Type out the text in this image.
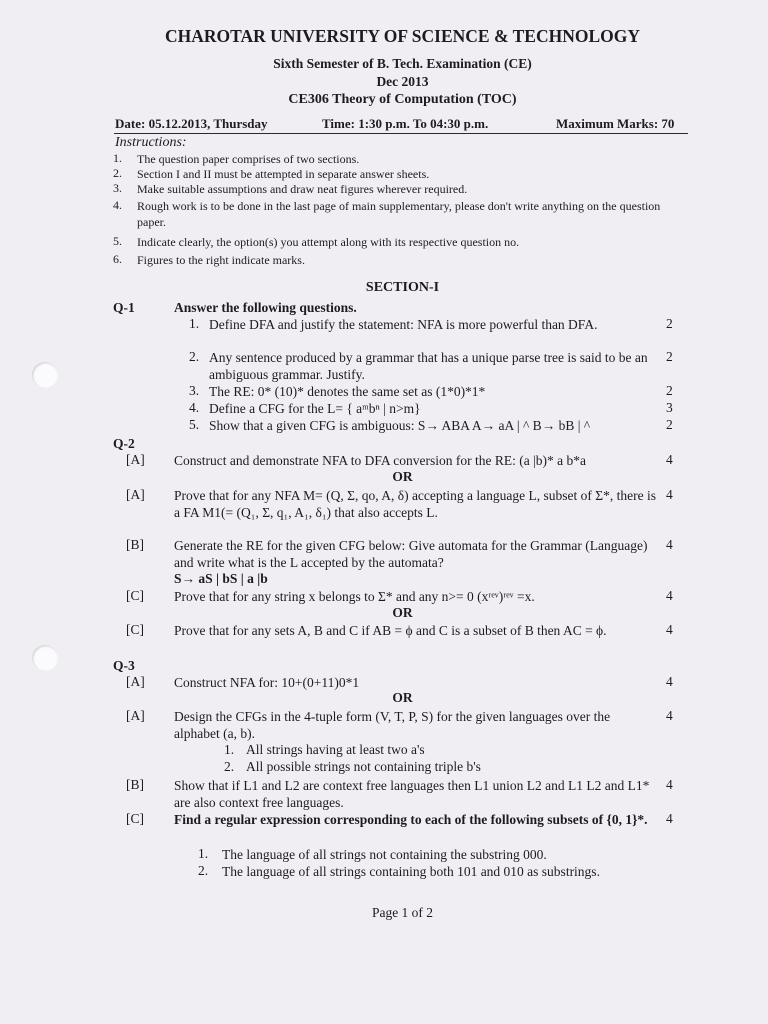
CHAROTAR UNIVERSITY OF SCIENCE & TECHNOLOGY
Sixth Semester of B. Tech. Examination (CE)
Dec 2013
CE306 Theory of Computation (TOC)
Date: 05.12.2013, Thursday	Time: 1:30 p.m. To 04:30 p.m.	Maximum Marks: 70
Instructions:
1. The question paper comprises of two sections.
2. Section I and II must be attempted in separate answer sheets.
3. Make suitable assumptions and draw neat figures wherever required.
4. Rough work is to be done in the last page of main supplementary, please don't write anything on the question paper.
5. Indicate clearly, the option(s) you attempt along with its respective question no.
6. Figures to the right indicate marks.
SECTION-I
Q-1	Answer the following questions.
1. Define DFA and justify the statement: NFA is more powerful than DFA.	2
2. Any sentence produced by a grammar that has a unique parse tree is said to be an ambiguous grammar. Justify.
2
3. The RE: 0* (10)* denotes the same set as (1*0)*1*	2
4. Define a CFG for the L= { aᵐbⁿ | n>m}	3
5. Show that a given CFG is ambiguous: S→ ABA A→ aA | ^ B→ bB | ^	2
Q-2
[A] Construct and demonstrate NFA to DFA conversion for the RE: (a |b)* a b*a	4
OR
[A] Prove that for any NFA M= (Q, Σ, qo, A, δ) accepting a language L, subset of Σ*, there is a FA M1(= (Q₁, Σ, q₁, A₁, δ₁) that also accepts L.
4
[B] Generate the RE for the given CFG below: Give automata for the Grammar (Language) and write what is the L accepted by the automata?
S→ aS | bS | a |b
4
[C] Prove that for any string x belongs to Σ* and any n>= 0 (xʳᵉᵛ)ʳᵉᵛ =x.	4
OR
[C] Prove that for any sets A, B and C if AB = ϕ and C is a subset of B then AC = ϕ.	4
Q-3
[A] Construct NFA for: 10+(0+11)0*1	4
OR
[A] Design the CFGs in the 4-tuple form (V, T, P, S) for the given languages over the alphabet (a, b).
4
1. All strings having at least two a's
2. All possible strings not containing triple b's
[B] Show that if L1 and L2 are context free languages then L1 union L2 and L1 L2 and L1* are also context free languages.
4
[C] Find a regular expression corresponding to each of the following subsets of {0, 1}*.	4
1. The language of all strings not containing the substring 000.
2. The language of all strings containing both 101 and 010 as substrings.
Page 1 of 2
